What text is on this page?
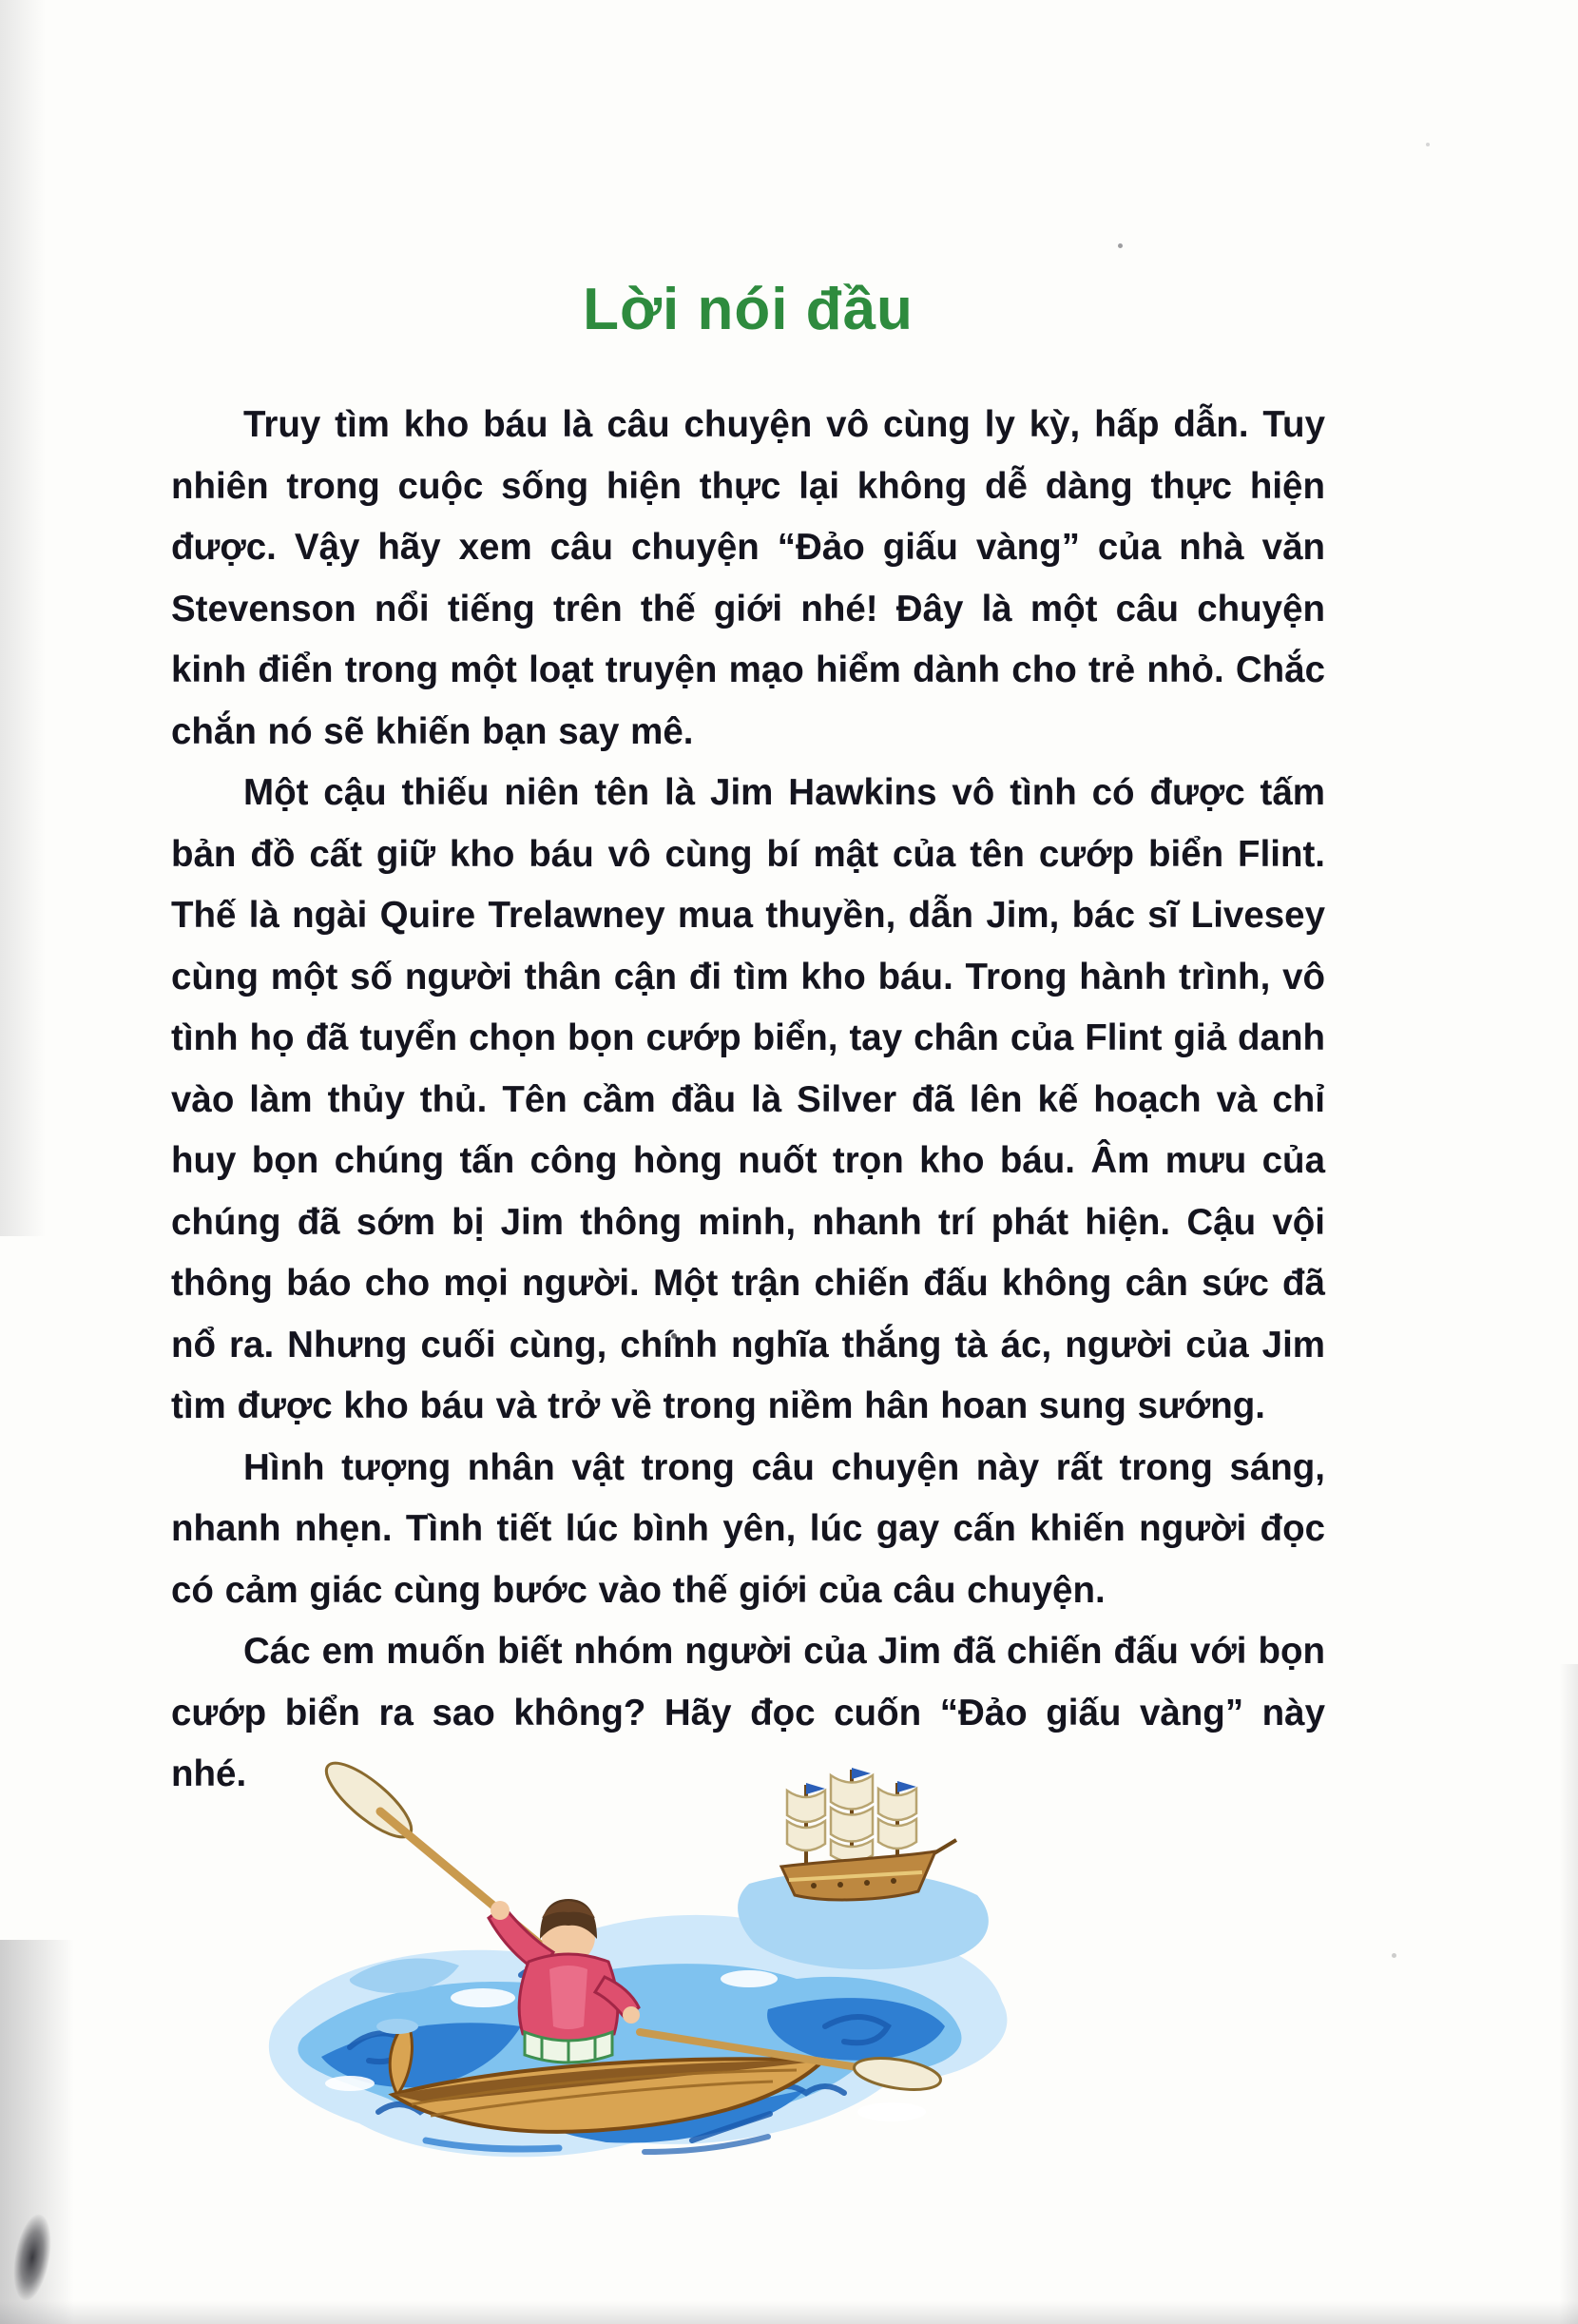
Lời nói đầu

Truy tìm kho báu là câu chuyện vô cùng ly kỳ, hấp dẫn. Tuy nhiên trong cuộc sống hiện thực lại không dễ dàng thực hiện được. Vậy hãy xem câu chuyện “Đảo giấu vàng” của nhà văn Stevenson nổi tiếng trên thế giới nhé! Đây là một câu chuyện kinh điển trong một loạt truyện mạo hiểm dành cho trẻ nhỏ. Chắc chắn nó sẽ khiến bạn say mê.

Một cậu thiếu niên tên là Jim Hawkins vô tình có được tấm bản đồ cất giữ kho báu vô cùng bí mật của tên cướp biển Flint. Thế là ngài Quire Trelawney mua thuyền, dẫn Jim, bác sĩ Livesey cùng một số người thân cận đi tìm kho báu. Trong hành trình, vô tình họ đã tuyển chọn bọn cướp biển, tay chân của Flint giả danh vào làm thủy thủ. Tên cầm đầu là Silver đã lên kế hoạch và chỉ huy bọn chúng tấn công hòng nuốt trọn kho báu. Âm mưu của chúng đã sớm bị Jim thông minh, nhanh trí phát hiện. Cậu vội thông báo cho mọi người. Một trận chiến đấu không cân sức đã nổ ra. Nhưng cuối cùng, chính nghĩa thắng tà ác, người của Jim tìm được kho báu và trở về trong niềm hân hoan sung sướng.

Hình tượng nhân vật trong câu chuyện này rất trong sáng, nhanh nhẹn. Tình tiết lúc bình yên, lúc gay cấn khiến người đọc có cảm giác cùng bước vào thế giới của câu chuyện.

Các em muốn biết nhóm người của Jim đã chiến đấu với bọn cướp biển ra sao không? Hãy đọc cuốn “Đảo giấu vàng” này nhé.
